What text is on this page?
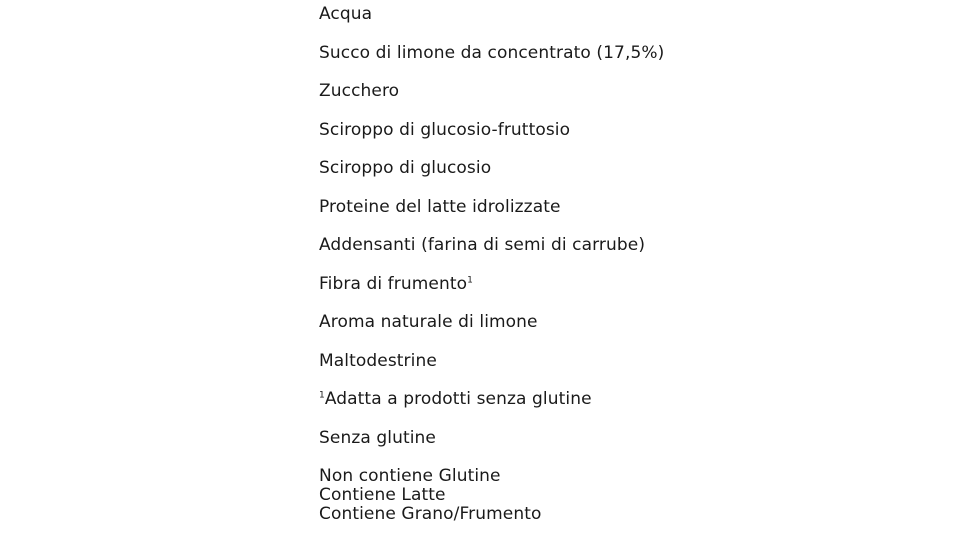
Acqua
Succo di limone da concentrato (17,5%)
Zucchero
Sciroppo di glucosio-fruttosio
Sciroppo di glucosio
Proteine del latte idrolizzate
Addensanti (farina di semi di carrube)
Fibra di frumento$^1$
Aroma naturale di limone
Maltodestrine
$^1$Adatta a prodotti senza glutine
Senza glutine
Non contiene Glutine
Contiene Latte
Contiene Grano/Frumento
